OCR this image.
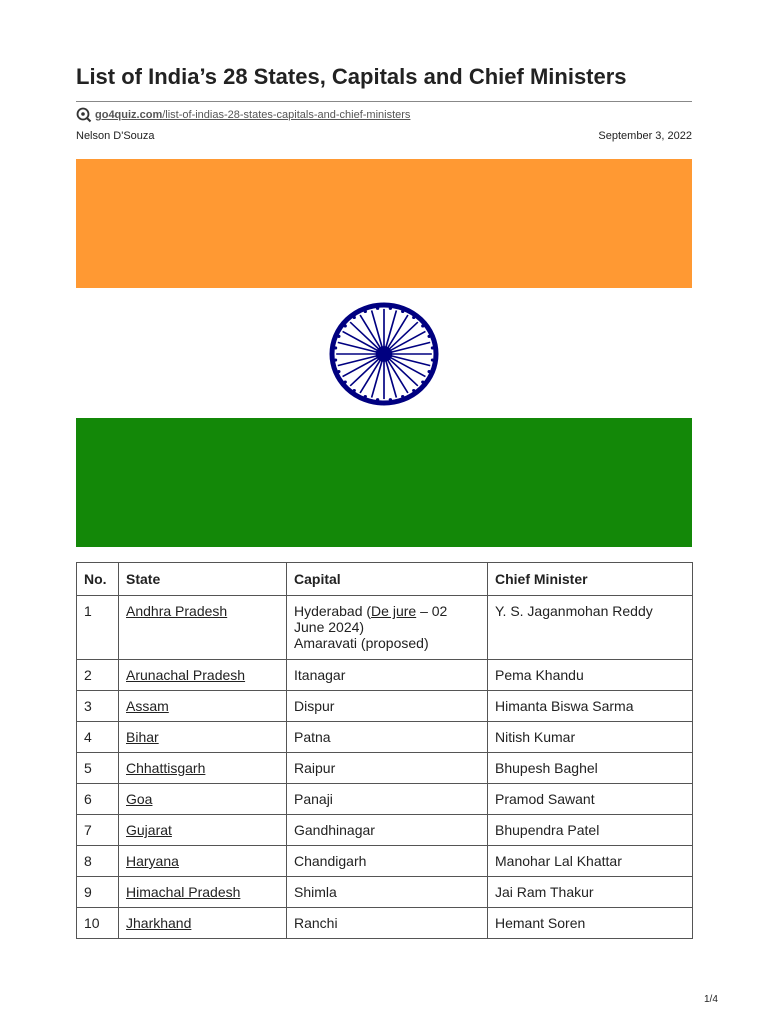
List of India’s 28 States, Capitals and Chief Ministers
go4quiz.com/list-of-indias-28-states-capitals-and-chief-ministers
Nelson D'Souza	September 3, 2022
No.	State	Capital	Chief Minister
1	Andhra Pradesh	Hyderabad (De jure – 02
June 2024)
Amaravati (proposed)	Y. S. Jaganmohan Reddy
2	Arunachal Pradesh	Itanagar	Pema Khandu
3	Assam	Dispur	Himanta Biswa Sarma
4	Bihar	Patna	Nitish Kumar
5	Chhattisgarh	Raipur	Bhupesh Baghel
6	Goa	Panaji	Pramod Sawant
7	Gujarat	Gandhinagar	Bhupendra Patel
8	Haryana	Chandigarh	Manohar Lal Khattar
9	Himachal Pradesh	Shimla	Jai Ram Thakur
10	Jharkhand	Ranchi	Hemant Soren
1/4
